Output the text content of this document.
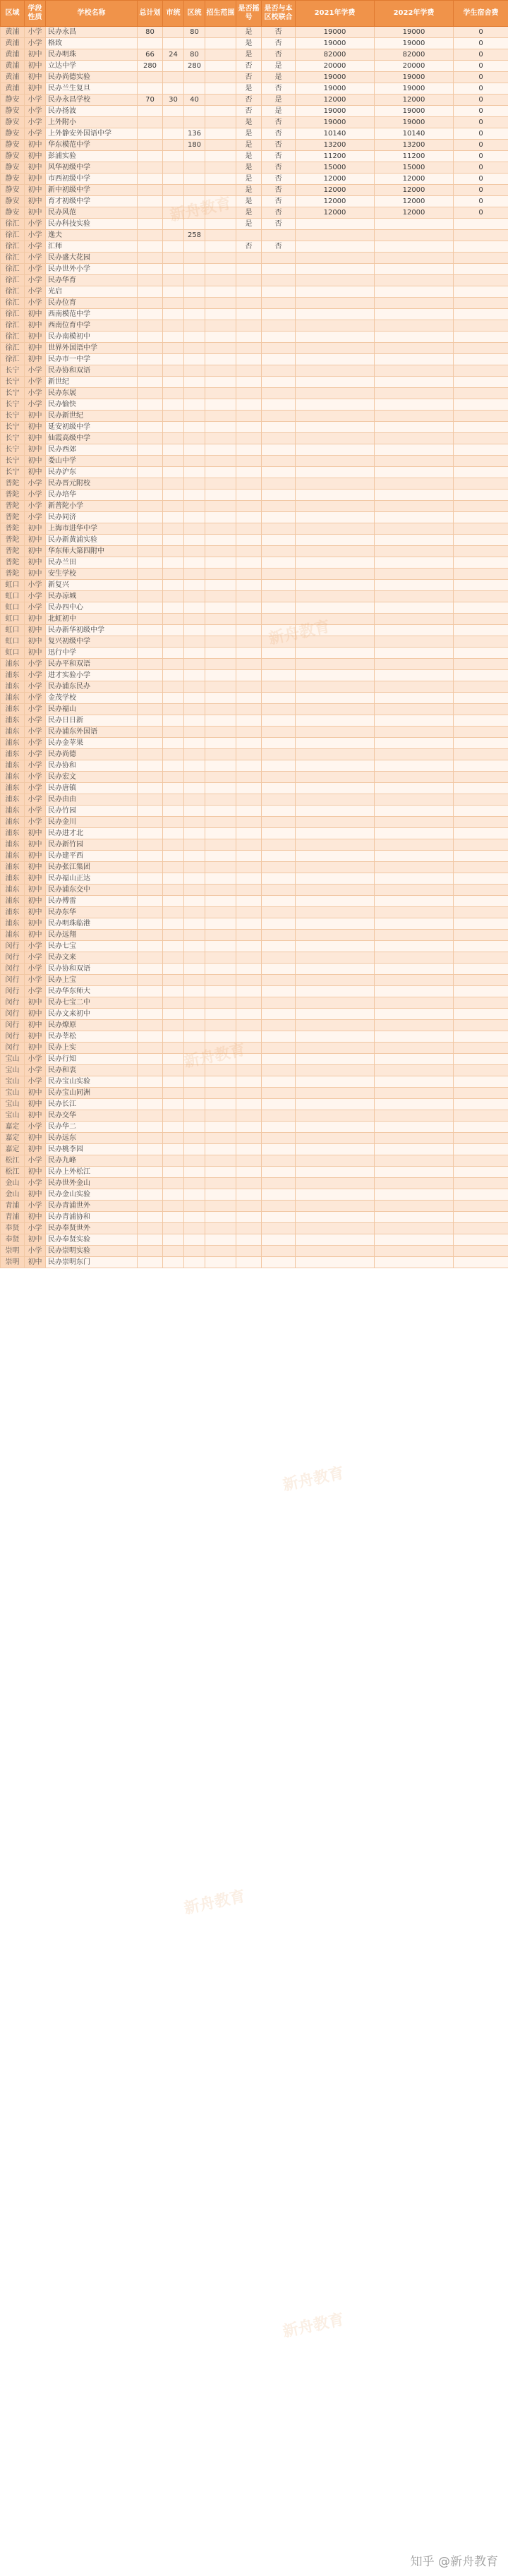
区域	学段性质	学校名称	总计划	市统	区统	招生范围	是否摇号	是否与本区校联合	2021年学费	2022年学费	学生宿舍费
黄浦	小学	民办永昌	80		80		是	否	19000	19000	0
黄浦	小学	格致					是	否	19000	19000	0
黄浦	初中	民办明珠	66	24	80		是	否	82000	82000	0
黄浦	初中	立达中学	280		280		否	是	20000	20000	0
黄浦	初中	民办尚德实验					否	是	19000	19000	0
黄浦	初中	民办兰生复旦					是	否	19000	19000	0
静安	小学	民办永昌学校	70	30	40		否	是	12000	12000	0
静安	小学	民办扬波					否	是	19000	19000	0
静安	小学	上外附小					是	否	19000	19000	0
静安	小学	上外静安外国语中学			136		是	否	10140	10140	0
静安	初中	华东模范中学			180		是	否	13200	13200	0
静安	初中	彭浦实验					是	否	11200	11200	0
静安	初中	风华初级中学					是	否	15000	15000	0
静安	初中	市西初级中学					是	否	12000	12000	0
静安	初中	新中初级中学					是	否	12000	12000	0
静安	初中	育才初级中学					是	否	12000	12000	0
静安	初中	民办风范					是	否	12000	12000	0
徐汇	小学	民办科技实验					是	否			
徐汇	小学	逸夫			258						
徐汇	小学	汇师					否	否			
徐汇	小学	民办盛大花园									
徐汇	小学	民办世外小学									
徐汇	小学	民办华育									
徐汇	小学	光启									
徐汇	小学	民办位育									
徐汇	初中	西南模范中学									
徐汇	初中	西南位育中学									
徐汇	初中	民办南模初中									
徐汇	初中	世界外国语中学									
徐汇	初中	民办市一中学									
长宁	小学	民办协和双语									
长宁	小学	新世纪									
长宁	小学	民办东展									
长宁	小学	民办愉快									
长宁	初中	民办新世纪									
长宁	初中	延安初级中学									
长宁	初中	仙霞高级中学									
长宁	初中	民办西郊									
长宁	初中	娄山中学									
长宁	初中	民办沪东									
普陀	小学	民办晋元附校									
普陀	小学	民办培华									
普陀	小学	新普陀小学									
普陀	小学	民办同济									
普陀	初中	上海市进华中学									
普陀	初中	民办新黄浦实验									
普陀	初中	华东师大第四附中									
普陀	初中	民办兰田									
普陀	初中	安生学校									
虹口	小学	新复兴									
虹口	小学	民办凉城									
虹口	小学	民办四中心									
虹口	初中	北虹初中									
虹口	初中	民办新华初级中学									
虹口	初中	复兴初级中学									
虹口	初中	迅行中学									
浦东	小学	民办平和双语									
浦东	小学	进才实验小学									
浦东	小学	民办浦东民办									
浦东	小学	金茂学校									
浦东	小学	民办福山									
浦东	小学	民办日日新									
浦东	小学	民办浦东外国语									
浦东	小学	民办金苹果									
浦东	小学	民办尚德									
浦东	小学	民办协和									
浦东	小学	民办宏文									
浦东	小学	民办唐镇									
浦东	小学	民办由由									
浦东	小学	民办竹园									
浦东	小学	民办金川									
浦东	初中	民办进才北									
浦东	初中	民办新竹园									
浦东	初中	民办建平西									
浦东	初中	民办张江集团									
浦东	初中	民办福山正达									
浦东	初中	民办浦东交中									
浦东	初中	民办傅雷									
浦东	初中	民办东华									
浦东	初中	民办明珠临港									
浦东	初中	民办远翔									
闵行	小学	民办七宝									
闵行	小学	民办文来									
闵行	小学	民办协和双语									
闵行	小学	民办上宝									
闵行	小学	民办华东师大									
闵行	初中	民办七宝二中									
闵行	初中	民办文来初中									
闵行	初中	民办燎原									
闵行	初中	民办莘松									
闵行	初中	民办上实									
宝山	小学	民办行知									
宝山	小学	民办和衷									
宝山	小学	民办宝山实验									
宝山	初中	民办宝山同洲									
宝山	初中	民办长江									
宝山	初中	民办交华									
嘉定	小学	民办华二									
嘉定	初中	民办远东									
嘉定	初中	民办桃李园									
松江	小学	民办九峰									
松江	初中	民办上外松江									
金山	小学	民办世外金山									
金山	初中	民办金山实验									
青浦	小学	民办青浦世外									
青浦	初中	民办青浦协和									
奉贤	小学	民办奉贤世外									
奉贤	初中	民办奉贤实验									
崇明	小学	民办崇明实验									
崇明	初中	民办崇明东门									
新舟教育
新舟教育
新舟教育
知乎 @新舟教育
